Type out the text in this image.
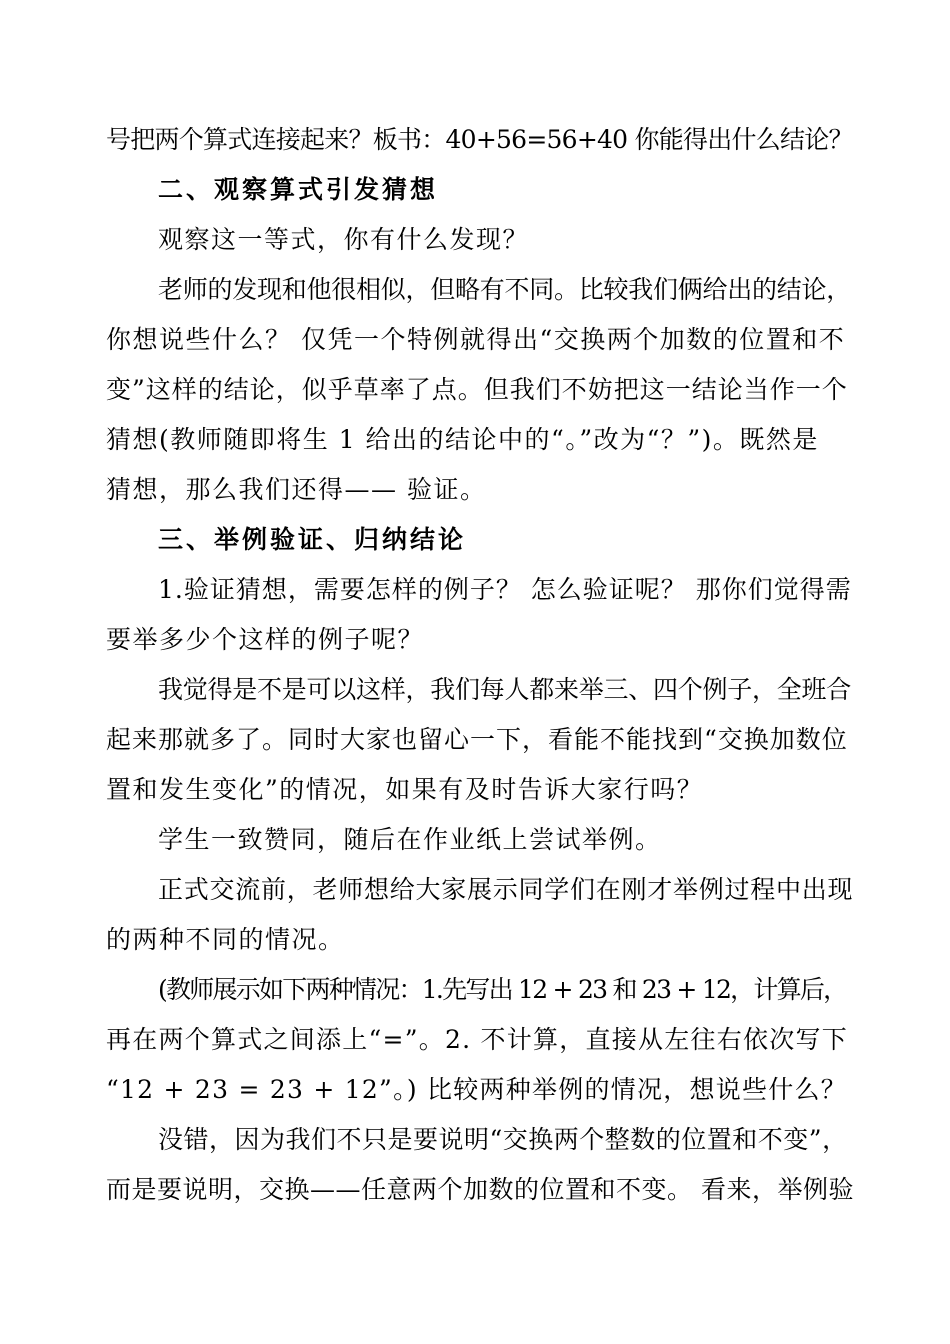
号把两个算式连接起来？板书：40+56=56+40 你能得出什么结论？
二、观察算式引发猜想
观察这一等式，你有什么发现？
老师的发现和他很相似，但略有不同。比较我们俩给出的结论，
你想说些什么？ 仅凭一个特例就得出“交换两个加数的位置和不
变”这样的结论，似乎草率了点。但我们不妨把这一结论当作一个
猜想(教师随即将生 1 给出的结论中的“。”改为“？”)。既然是
猜想，那么我们还得—— 验证。
三、举例验证、归纳结论
1.验证猜想，需要怎样的例子？ 怎么验证呢？ 那你们觉得需
要举多少个这样的例子呢？
我觉得是不是可以这样，我们每人都来举三、四个例子，全班合
起来那就多了。同时大家也留心一下，看能不能找到“交换加数位
置和发生变化”的情况，如果有及时告诉大家行吗？
学生一致赞同，随后在作业纸上尝试举例。
正式交流前，老师想给大家展示同学们在刚才举例过程中出现
的两种不同的情况。
(教师展示如下两种情况：1.先写出 12 + 23 和 23 + 12，计算后，
再在两个算式之间添上“=”。2. 不计算，直接从左往右依次写下
“12 + 23 = 23 + 12”。) 比较两种举例的情况，想说些什么？
没错，因为我们不只是要说明“交换两个整数的位置和不变”，
而是要说明，交换——任意两个加数的位置和不变。 看来，举例验
